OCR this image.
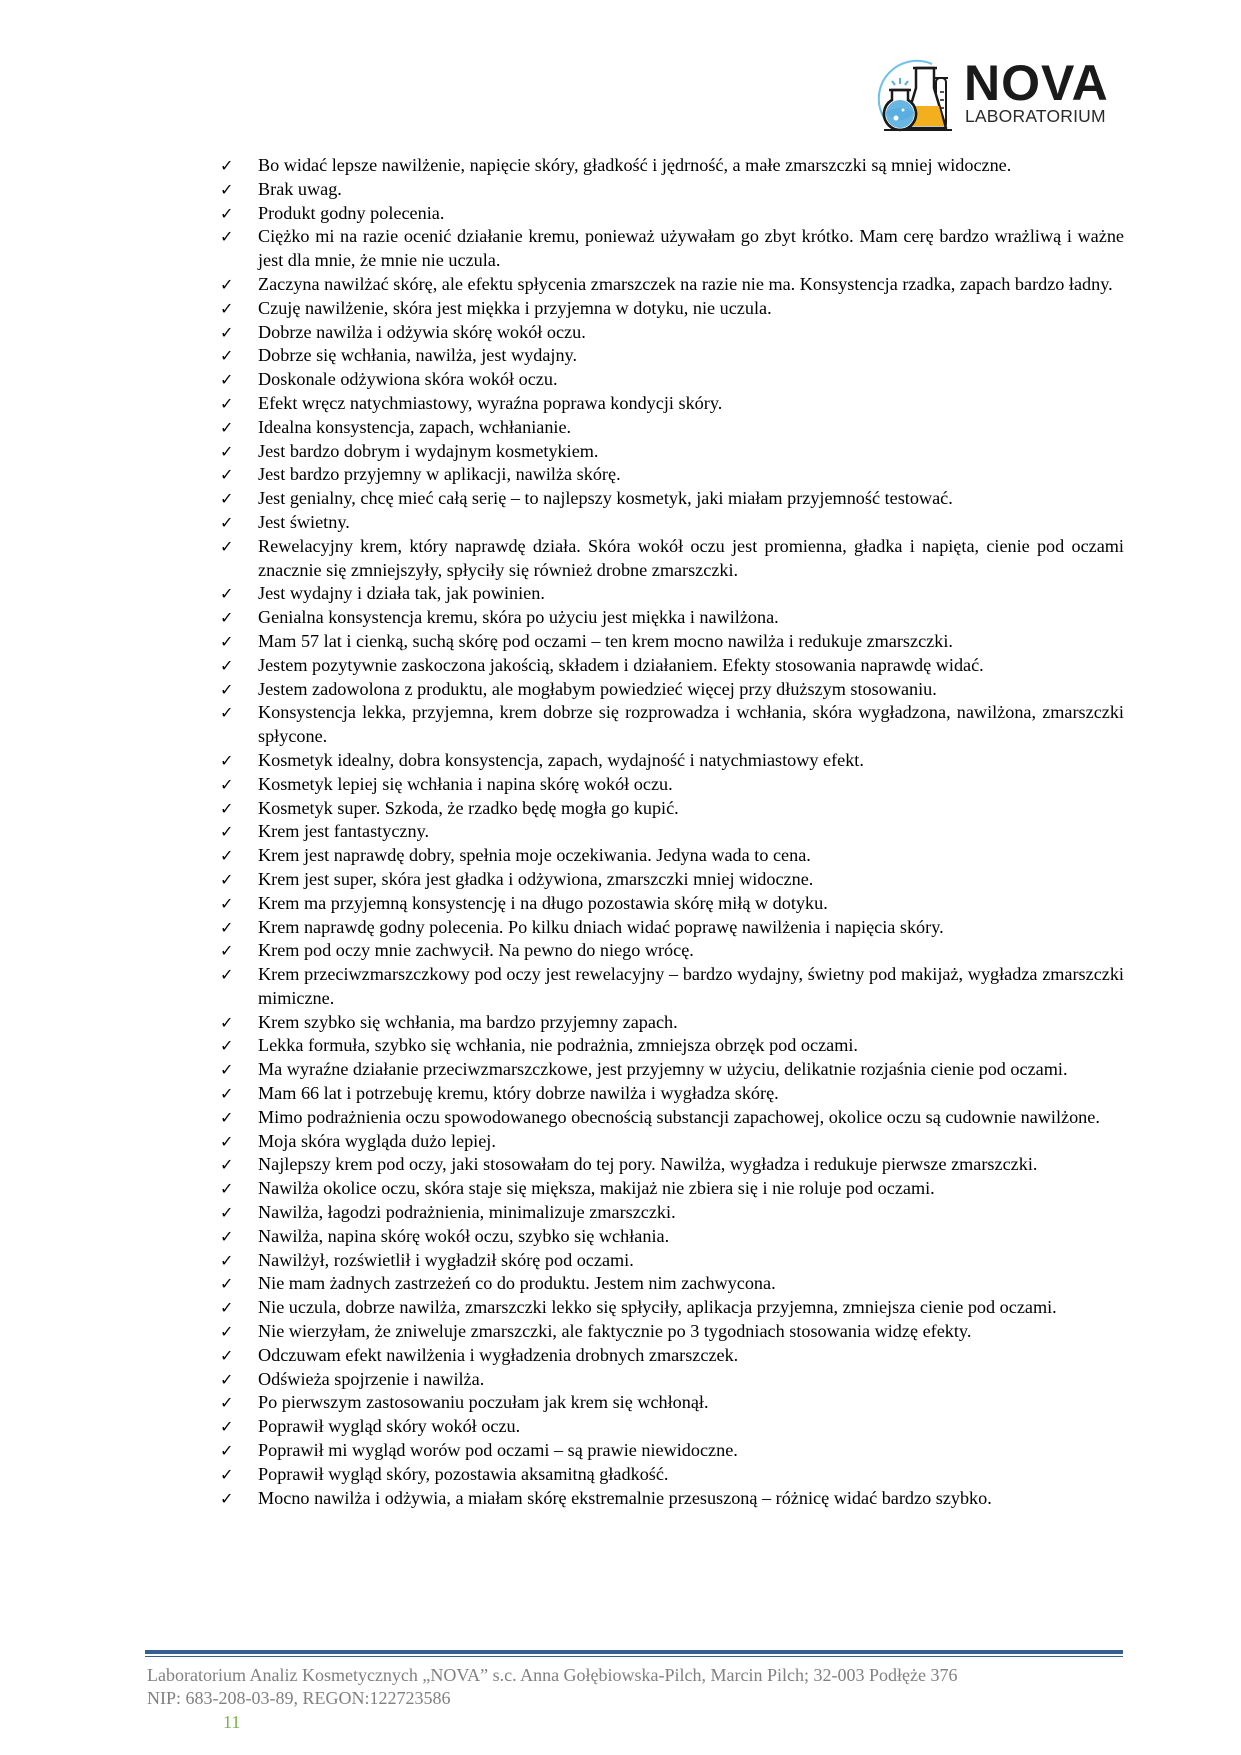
NOVA
LABORATORIUM
✓ Bo widać lepsze nawilżenie, napięcie skóry, gładkość i jędrność, a małe zmarszczki są mniej widoczne.
✓ Brak uwag.
✓ Produkt godny polecenia.
✓ Ciężko mi na razie ocenić działanie kremu, ponieważ używałam go zbyt krótko. Mam cerę bardzo wrażliwą i ważne jest dla mnie, że mnie nie uczula.
✓ Zaczyna nawilżać skórę, ale efektu spłycenia zmarszczek na razie nie ma. Konsystencja rzadka, zapach bardzo ładny.
✓ Czuję nawilżenie, skóra jest miękka i przyjemna w dotyku, nie uczula.
✓ Dobrze nawilża i odżywia skórę wokół oczu.
✓ Dobrze się wchłania, nawilża, jest wydajny.
✓ Doskonale odżywiona skóra wokół oczu.
✓ Efekt wręcz natychmiastowy, wyraźna poprawa kondycji skóry.
✓ Idealna konsystencja, zapach, wchłanianie.
✓ Jest bardzo dobrym i wydajnym kosmetykiem.
✓ Jest bardzo przyjemny w aplikacji, nawilża skórę.
✓ Jest genialny, chcę mieć całą serię – to najlepszy kosmetyk, jaki miałam przyjemność testować.
✓ Jest świetny.
✓ Rewelacyjny krem, który naprawdę działa. Skóra wokół oczu jest promienna, gładka i napięta, cienie pod oczami znacznie się zmniejszyły, spłyciły się również drobne zmarszczki.
✓ Jest wydajny i działa tak, jak powinien.
✓ Genialna konsystencja kremu, skóra po użyciu jest miękka i nawilżona.
✓ Mam 57 lat i cienką, suchą skórę pod oczami – ten krem mocno nawilża i redukuje zmarszczki.
✓ Jestem pozytywnie zaskoczona jakością, składem i działaniem. Efekty stosowania naprawdę widać.
✓ Jestem zadowolona z produktu, ale mogłabym powiedzieć więcej przy dłuższym stosowaniu.
✓ Konsystencja lekka, przyjemna, krem dobrze się rozprowadza i wchłania, skóra wygładzona, nawilżona, zmarszczki spłycone.
✓ Kosmetyk idealny, dobra konsystencja, zapach, wydajność i natychmiastowy efekt.
✓ Kosmetyk lepiej się wchłania i napina skórę wokół oczu.
✓ Kosmetyk super. Szkoda, że rzadko będę mogła go kupić.
✓ Krem jest fantastyczny.
✓ Krem jest naprawdę dobry, spełnia moje oczekiwania. Jedyna wada to cena.
✓ Krem jest super, skóra jest gładka i odżywiona, zmarszczki mniej widoczne.
✓ Krem ma przyjemną konsystencję i na długo pozostawia skórę miłą w dotyku.
✓ Krem naprawdę godny polecenia. Po kilku dniach widać poprawę nawilżenia i napięcia skóry.
✓ Krem pod oczy mnie zachwycił. Na pewno do niego wrócę.
✓ Krem przeciwzmarszczkowy pod oczy jest rewelacyjny – bardzo wydajny, świetny pod makijaż, wygładza zmarszczki mimiczne.
✓ Krem szybko się wchłania, ma bardzo przyjemny zapach.
✓ Lekka formuła, szybko się wchłania, nie podrażnia, zmniejsza obrzęk pod oczami.
✓ Ma wyraźne działanie przeciwzmarszczkowe, jest przyjemny w użyciu, delikatnie rozjaśnia cienie pod oczami.
✓ Mam 66 lat i potrzebuję kremu, który dobrze nawilża i wygładza skórę.
✓ Mimo podrażnienia oczu spowodowanego obecnością substancji zapachowej, okolice oczu są cudownie nawilżone.
✓ Moja skóra wygląda dużo lepiej.
✓ Najlepszy krem pod oczy, jaki stosowałam do tej pory. Nawilża, wygładza i redukuje pierwsze zmarszczki.
✓ Nawilża okolice oczu, skóra staje się miększa, makijaż nie zbiera się i nie roluje pod oczami.
✓ Nawilża, łagodzi podrażnienia, minimalizuje zmarszczki.
✓ Nawilża, napina skórę wokół oczu, szybko się wchłania.
✓ Nawilżył, rozświetlił i wygładził skórę pod oczami.
✓ Nie mam żadnych zastrzeżeń co do produktu. Jestem nim zachwycona.
✓ Nie uczula, dobrze nawilża, zmarszczki lekko się spłyciły, aplikacja przyjemna, zmniejsza cienie pod oczami.
✓ Nie wierzyłam, że zniweluje zmarszczki, ale faktycznie po 3 tygodniach stosowania widzę efekty.
✓ Odczuwam efekt nawilżenia i wygładzenia drobnych zmarszczek.
✓ Odświeża spojrzenie i nawilża.
✓ Po pierwszym zastosowaniu poczułam jak krem się wchłonął.
✓ Poprawił wygląd skóry wokół oczu.
✓ Poprawił mi wygląd worów pod oczami – są prawie niewidoczne.
✓ Poprawił wygląd skóry, pozostawia aksamitną gładkość.
✓ Mocno nawilża i odżywia, a miałam skórę ekstremalnie przesuszoną – różnicę widać bardzo szybko.
Laboratorium Analiz Kosmetycznych „NOVA” s.c. Anna Gołębiowska-Pilch, Marcin Pilch; 32-003 Podłęże 376
NIP: 683-208-03-89, REGON:122723586
11
